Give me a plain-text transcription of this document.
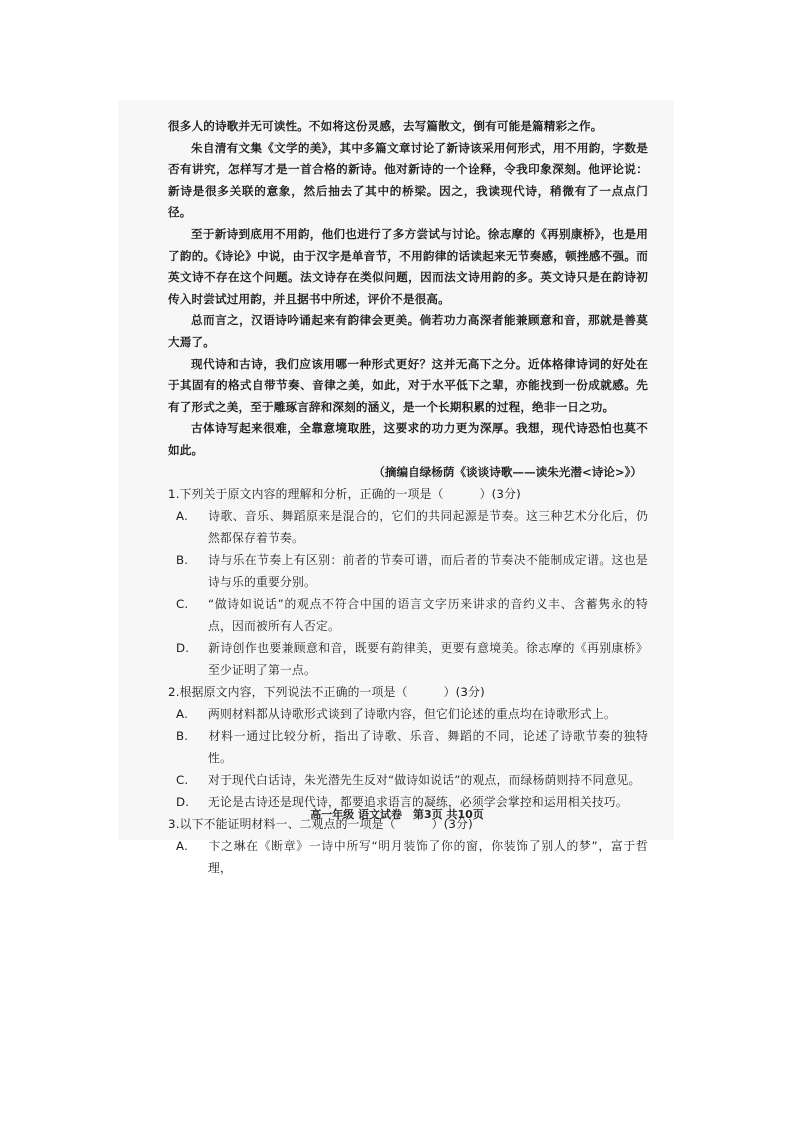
很多人的诗歌并无可读性。不如将这份灵感，去写篇散文，倒有可能是篇精彩之作。

朱自清有文集《文学的美》，其中多篇文章讨论了新诗该采用何形式，用不用韵，字数是否有讲究，怎样写才是一首合格的新诗。他对新诗的一个诠释，令我印象深刻。他评论说：新诗是很多关联的意象，然后抽去了其中的桥梁。因之，我读现代诗，稍微有了一点点门径。

至于新诗到底用不用韵，他们也进行了多方尝试与讨论。徐志摩的《再别康桥》，也是用了韵的。《诗论》中说，由于汉字是单音节，不用韵律的话读起来无节奏感，顿挫感不强。而英文诗不存在这个问题。法文诗存在类似问题，因而法文诗用韵的多。英文诗只是在韵诗初传入时尝试过用韵，并且据书中所述，评价不是很高。

总而言之，汉语诗吟诵起来有韵律会更美。倘若功力高深者能兼顾意和音，那就是善莫大焉了。

现代诗和古诗，我们应该用哪一种形式更好？这并无高下之分。近体格律诗词的好处在于其固有的格式自带节奏、音律之美，如此，对于水平低下之辈，亦能找到一份成就感。先有了形式之美，至于雕琢言辞和深刻的涵义，是一个长期积累的过程，绝非一日之功。

古体诗写起来很难，全靠意境取胜，这要求的功力更为深厚。我想，现代诗恐怕也莫不如此。

（摘编自绿杨荫《谈谈诗歌——读朱光潜<诗论>》）

1.下列关于原文内容的理解和分析，正确的一项是（　　　）(3分)

A. 诗歌、音乐、舞蹈原来是混合的，它们的共同起源是节奏。这三种艺术分化后，仍然都保存着节奏。
B. 诗与乐在节奏上有区别：前者的节奏可谱，而后者的节奏决不能制成定谱。这也是诗与乐的重要分别。
C. “做诗如说话”的观点不符合中国的语言文字历来讲求的音约义丰、含蓄隽永的特点，因而被所有人否定。
D. 新诗创作也要兼顾意和音，既要有韵律美，更要有意境美。徐志摩的《再别康桥》至少证明了第一点。

2.根据原文内容，下列说法不正确的一项是（　　　）(3分)

A. 两则材料都从诗歌形式谈到了诗歌内容，但它们论述的重点均在诗歌形式上。
B. 材料一通过比较分析，指出了诗歌、乐音、舞蹈的不同，论述了诗歌节奏的独特性。
C. 对于现代白话诗，朱光潜先生反对“做诗如说话”的观点，而绿杨荫则持不同意见。
D. 无论是古诗还是现代诗，都要追求语言的凝练，必须学会掌控和运用相关技巧。

3.以下不能证明材料一、二观点的一项是（　　　）(3分)

A. 卞之琳在《断章》一诗中所写“明月装饰了你的窗，你装饰了别人的梦”，富于哲理，
高一年级 语文试卷　第3页 共10页
